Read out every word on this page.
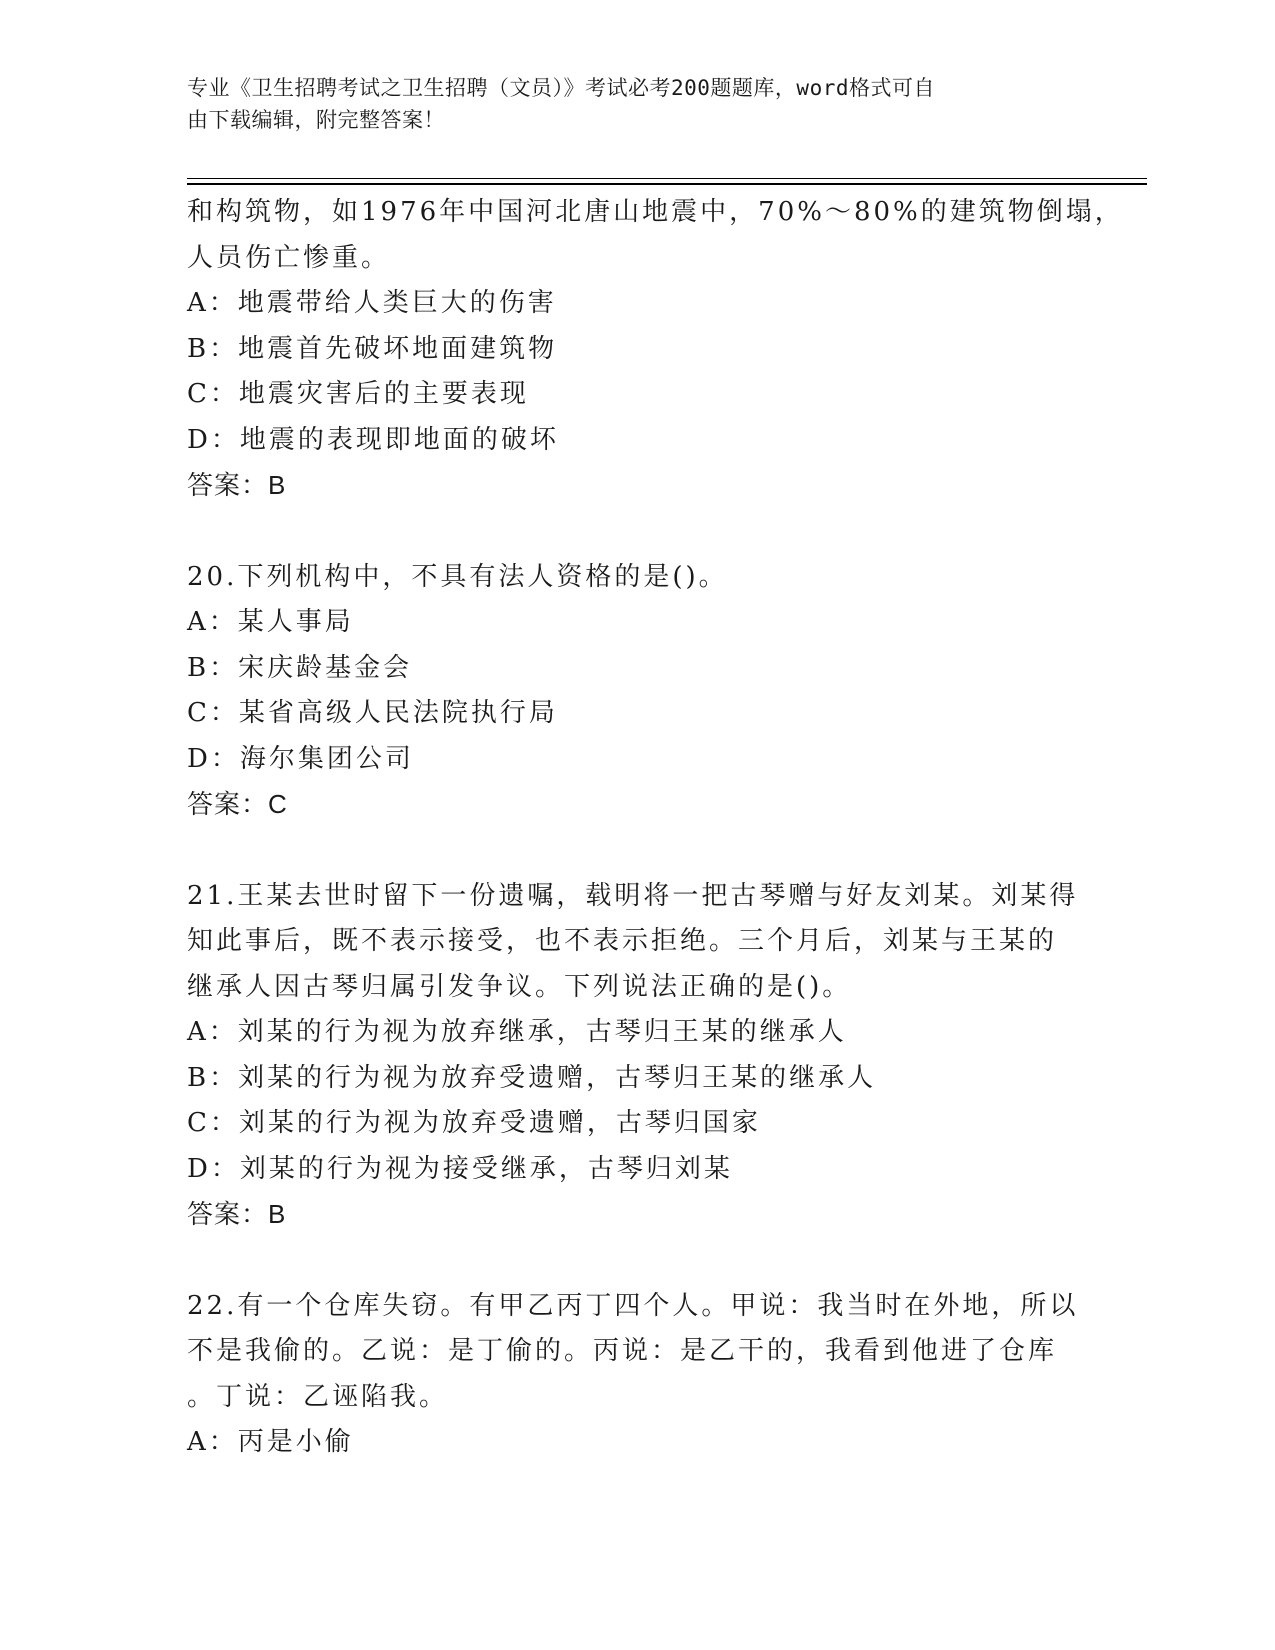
专业《卫生招聘考试之卫生招聘（文员）》考试必考200题题库，word格式可自
由下载编辑，附完整答案！
和构筑物，如1976年中国河北唐山地震中，70%～80%的建筑物倒塌，
人员伤亡惨重。
A：地震带给人类巨大的伤害
B：地震首先破坏地面建筑物
C：地震灾害后的主要表现
D：地震的表现即地面的破坏
答案：B
20.下列机构中，不具有法人资格的是()。
A：某人事局
B：宋庆龄基金会
C：某省高级人民法院执行局
D：海尔集团公司
答案：C
21.王某去世时留下一份遗嘱，载明将一把古琴赠与好友刘某。刘某得
知此事后，既不表示接受，也不表示拒绝。三个月后，刘某与王某的
继承人因古琴归属引发争议。下列说法正确的是()。
A：刘某的行为视为放弃继承，古琴归王某的继承人
B：刘某的行为视为放弃受遗赠，古琴归王某的继承人
C：刘某的行为视为放弃受遗赠，古琴归国家
D：刘某的行为视为接受继承，古琴归刘某
答案：B
22.有一个仓库失窃。有甲乙丙丁四个人。甲说：我当时在外地，所以
不是我偷的。乙说：是丁偷的。丙说：是乙干的，我看到他进了仓库
。丁说：乙诬陷我。
A：丙是小偷
